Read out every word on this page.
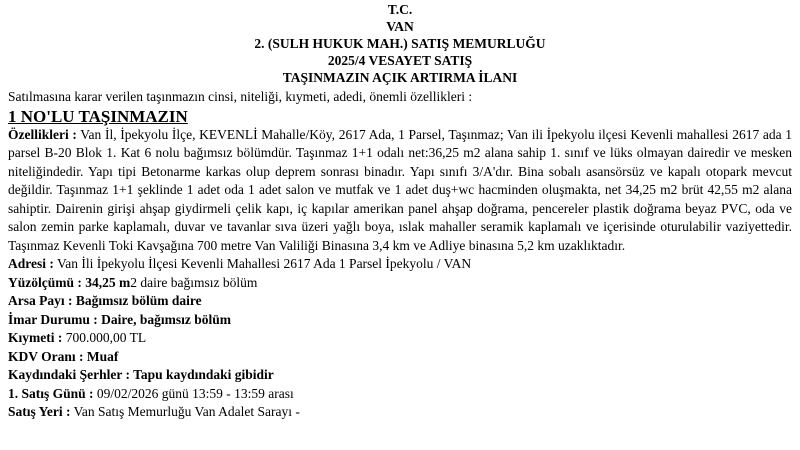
T.C.
VAN
2. (SULH HUKUK MAH.) SATIŞ MEMURLUĞU
2025/4 VESAYET SATIŞ
TAŞINMAZIN AÇIK ARTIRMA İLANI

Satılmasına karar verilen taşınmazın cinsi, niteliği, kıymeti, adedi, önemli özellikleri :

1 NO'LU TAŞINMAZIN

Özellikleri : Van İl, İpekyolu İlçe, KEVENLİ Mahalle/Köy, 2617 Ada, 1 Parsel, Taşınmaz; Van ili İpekyolu ilçesi Kevenli mahallesi 2617 ada 1 parsel B-20 Blok 1. Kat 6 nolu bağımsız bölümdür. Taşınmaz 1+1 odalı net:36,25 m2 alana sahip 1. sınıf ve lüks olmayan dairedir ve mesken niteliğindedir. Yapı tipi Betonarme karkas olup deprem sonrası binadır. Yapı sınıfı 3/A'dır. Bina sobalı asansörsüz ve kapalı otopark mevcut değildir. Taşınmaz 1+1 şeklinde 1 adet oda 1 adet salon ve mutfak ve 1 adet duş+wc hacminden oluşmakta, net 34,25 m2 brüt 42,55 m2 alana sahiptir. Dairenin girişi ahşap giydirmeli çelik kapı, iç kapılar amerikan panel ahşap doğrama, pencereler plastik doğrama beyaz PVC, oda ve salon zemin parke kaplamalı, duvar ve tavanlar sıva üzeri yağlı boya, ıslak mahaller seramik kaplamalı ve içerisinde oturulabilir vaziyettedir. Taşınmaz Kevenli Toki Kavşağına 700 metre Van Valiliği Binasına 3,4 km ve Adliye binasına 5,2 km uzaklıktadır.

Adresi : Van İli İpekyolu İlçesi Kevenli Mahallesi 2617 Ada 1 Parsel İpekyolu / VAN

Yüzölçümü : 34,25 m2 daire bağımsız bölüm

Arsa Payı : Bağımsız bölüm daire

İmar Durumu : Daire, bağımsız bölüm

Kıymeti : 700.000,00 TL

KDV Oranı : Muaf

Kaydındaki Şerhler : Tapu kaydındaki gibidir

1. Satış Günü : 09/02/2026 günü 13:59 - 13:59 arası

Satış Yeri : Van Satış Memurluğu Van Adalet Sarayı -
